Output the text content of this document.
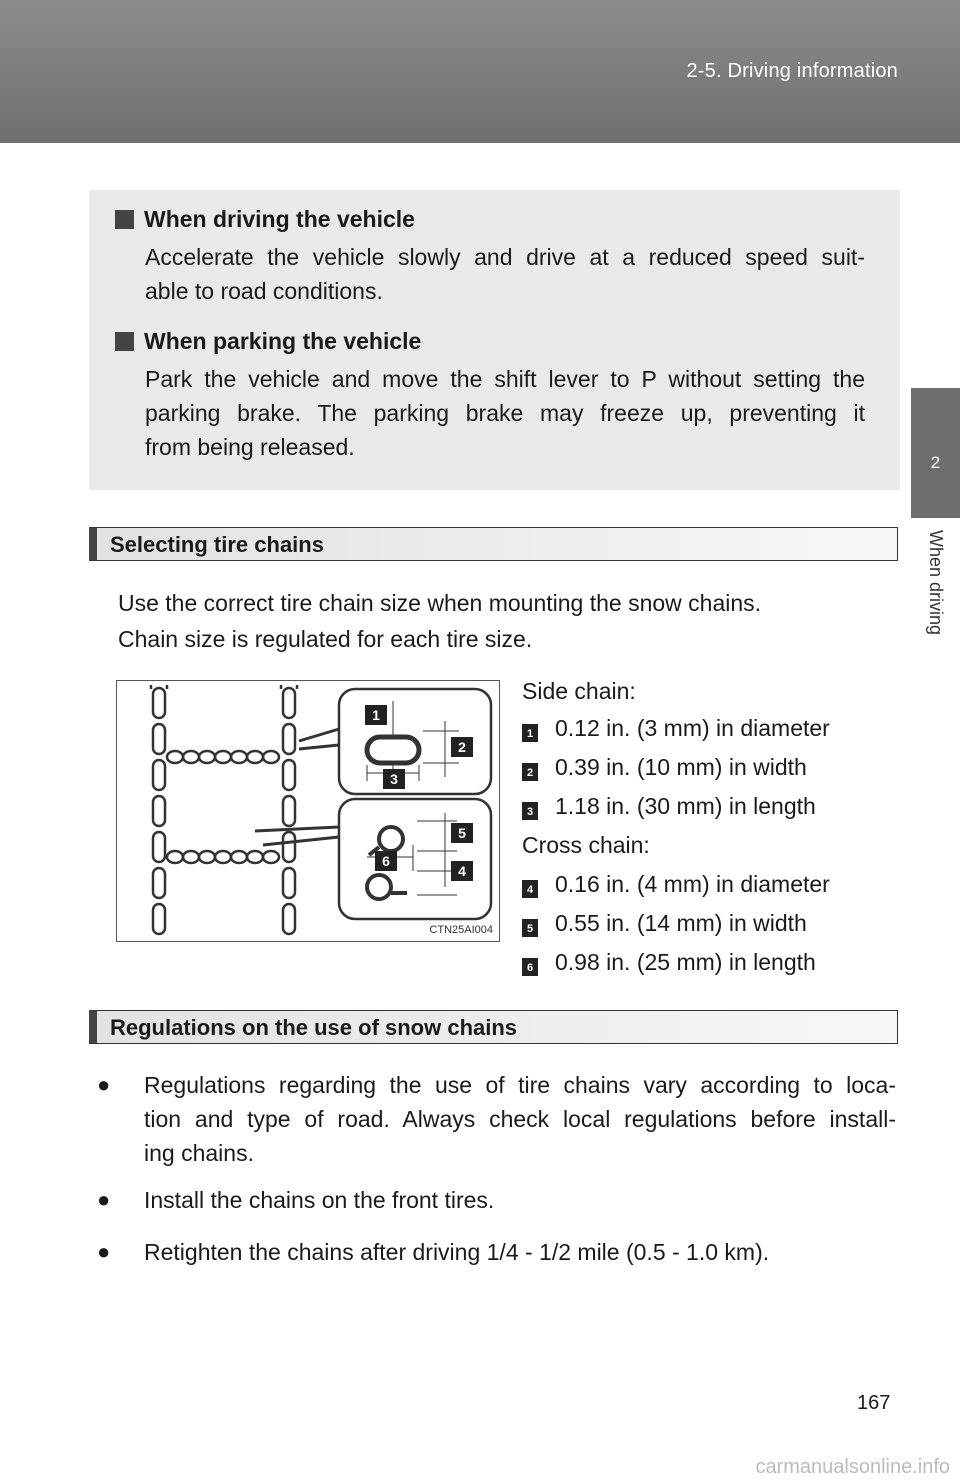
2-5. Driving information
2
When driving
When driving the vehicle
Accelerate the vehicle slowly and drive at a reduced speed suit-
able to road conditions.
When parking the vehicle
Park the vehicle and move the shift lever to P without setting the
parking brake. The parking brake may freeze up, preventing it
from being released.
Selecting tire chains
Use the correct tire chain size when mounting the snow chains.
Chain size is regulated for each tire size.
1
2
3
4
5
6
CTN25AI004
Side chain:
1 0.12 in. (3 mm) in diameter
2 0.39 in. (10 mm) in width
3 1.18 in. (30 mm) in length
Cross chain:
4 0.16 in. (4 mm) in diameter
5 0.55 in. (14 mm) in width
6 0.98 in. (25 mm) in length
Regulations on the use of snow chains
● Regulations regarding the use of tire chains vary according to loca-
tion and type of road. Always check local regulations before install-
ing chains.
● Install the chains on the front tires.
● Retighten the chains after driving 1/4 - 1/2 mile (0.5 - 1.0 km).
167
carmanualsonline.info
